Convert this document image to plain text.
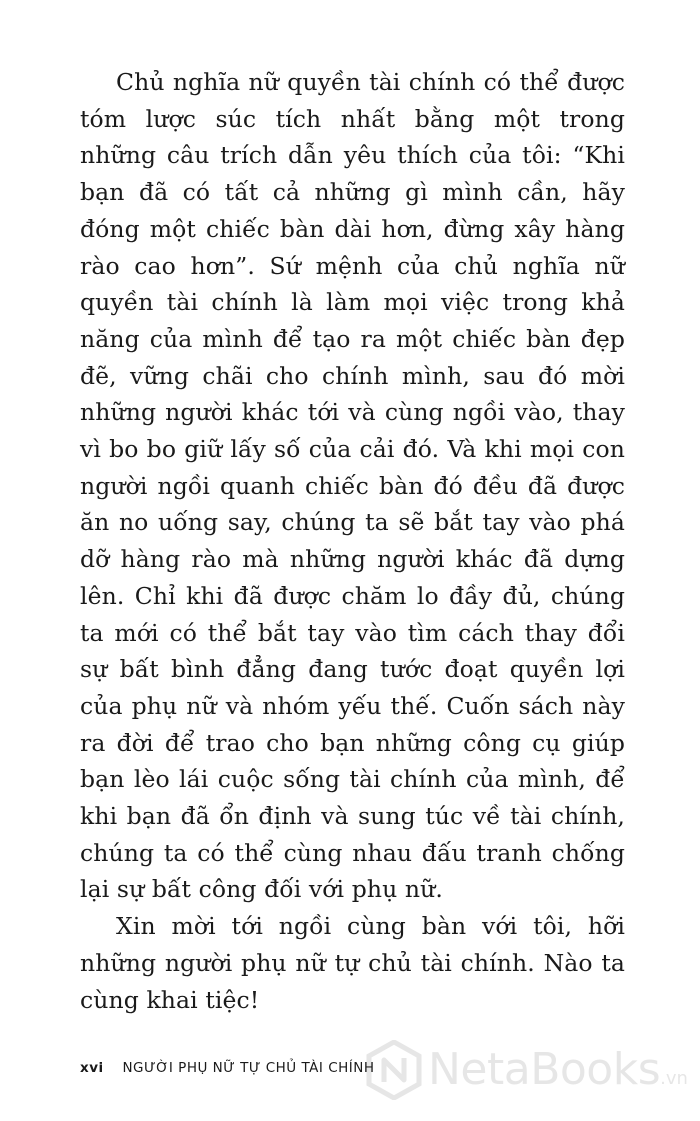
Chủ nghĩa nữ quyền tài chính có thể được tóm lược súc tích nhất bằng một trong những câu trích dẫn yêu thích của tôi: “Khi bạn đã có tất cả những gì mình cần, hãy đóng một chiếc bàn dài hơn, đừng xây hàng rào cao hơn”. Sứ mệnh của chủ nghĩa nữ quyền tài chính là làm mọi việc trong khả năng của mình để tạo ra một chiếc bàn đẹp đẽ, vững chãi cho chính mình, sau đó mời những người khác tới và cùng ngồi vào, thay vì bo bo giữ lấy số của cải đó. Và khi mọi con người ngồi quanh chiếc bàn đó đều đã được ăn no uống say, chúng ta sẽ bắt tay vào phá dỡ hàng rào mà những người khác đã dựng lên. Chỉ khi đã được chăm lo đầy đủ, chúng ta mới có thể bắt tay vào tìm cách thay đổi sự bất bình đẳng đang tước đoạt quyền lợi của phụ nữ và nhóm yếu thế. Cuốn sách này ra đời để trao cho bạn những công cụ giúp bạn lèo lái cuộc sống tài chính của mình, để khi bạn đã ổn định và sung túc về tài chính, chúng ta có thể cùng nhau đấu tranh chống lại sự bất công đối với phụ nữ.

Xin mời tới ngồi cùng bàn với tôi, hỡi những người phụ nữ tự chủ tài chính. Nào ta cùng khai tiệc!

xvi NGƯỜI PHỤ NỮ TỰ CHỦ TÀI CHÍNH NetaBooks.vn
